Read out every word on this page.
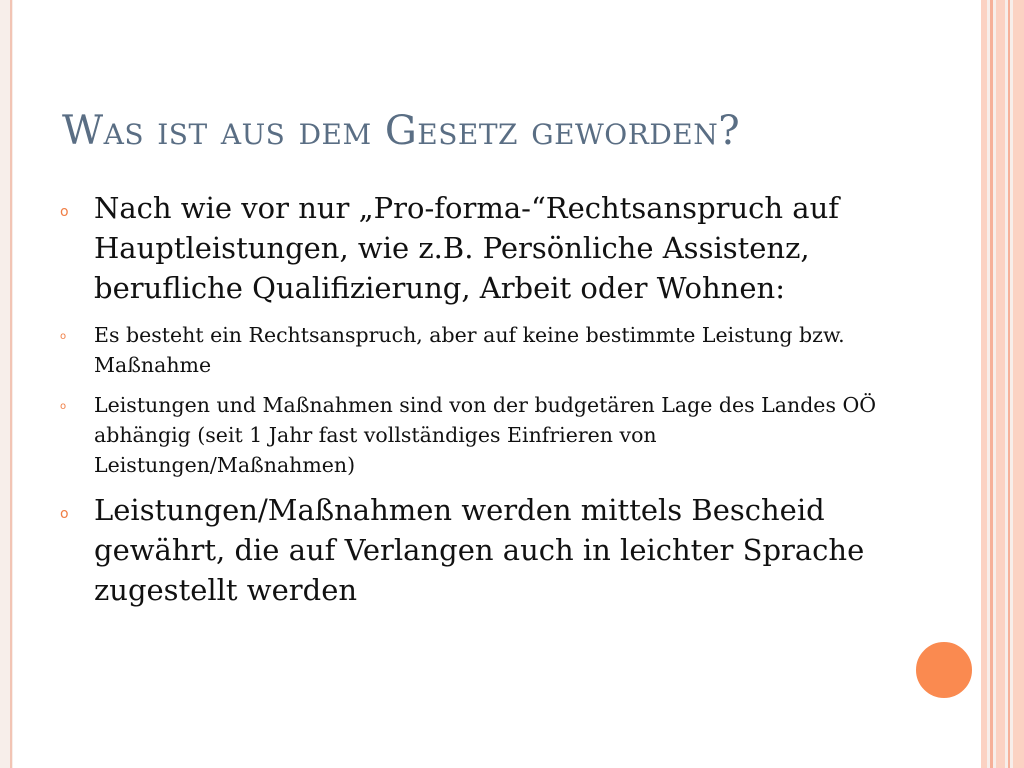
Was ist aus dem Gesetz geworden?
o Nach wie vor nur „Pro-forma-“Rechtsanspruch auf Hauptleistungen, wie z.B. Persönliche Assistenz, berufliche Qualifizierung, Arbeit oder Wohnen:
o Es besteht ein Rechtsanspruch, aber auf keine bestimmte Leistung bzw. Maßnahme
o Leistungen und Maßnahmen sind von der budgetären Lage des Landes OÖ abhängig (seit 1 Jahr fast vollständiges Einfrieren von Leistungen/Maßnahmen)
o Leistungen/Maßnahmen werden mittels Bescheid gewährt, die auf Verlangen auch in leichter Sprache zugestellt werden
